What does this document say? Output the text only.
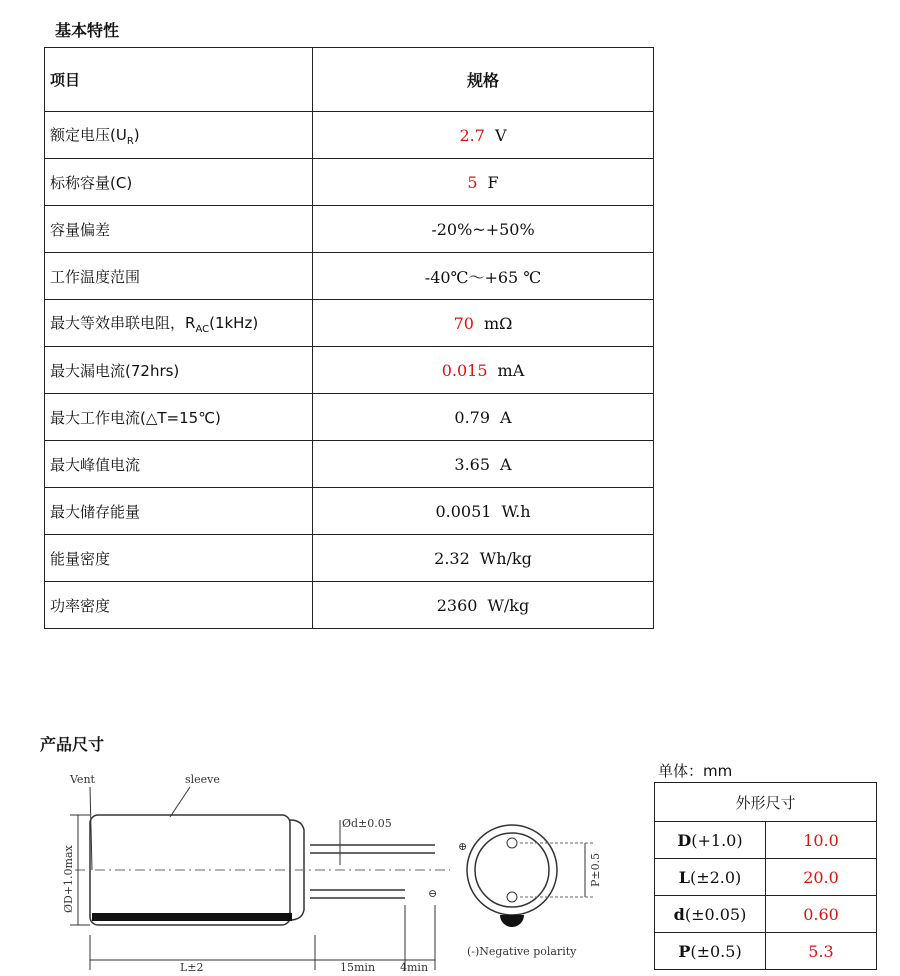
基本特性
项目	规格
额定电压$(U_R)$	2.7 V
标称容量(C)	5 F
容量偏差	-20%~+50%
工作温度范围	-40℃～+65 ℃
最大等效串联电阻，$R_{AC}(1kHz)$	70 mΩ
最大漏电流(72hrs)	0.015 mA
最大工作电流(△T=15℃)	0.79 A
最大峰值电流	3.65 A
最大储存能量	0.0051 W.h
能量密度	2.32 Wh/kg
功率密度	2360 W/kg
产品尺寸
ØD+1.0max
L±2	15min 4min
Vent	sleeve
Ød±0.05
⊕
⊖
P±0.5
(-)Negative polarity
单体：mm
外形尺寸	
D(+1.0)	10.0
L(±2.0)	20.0
d(±0.05)	0.60
P(±0.5)	5.3
